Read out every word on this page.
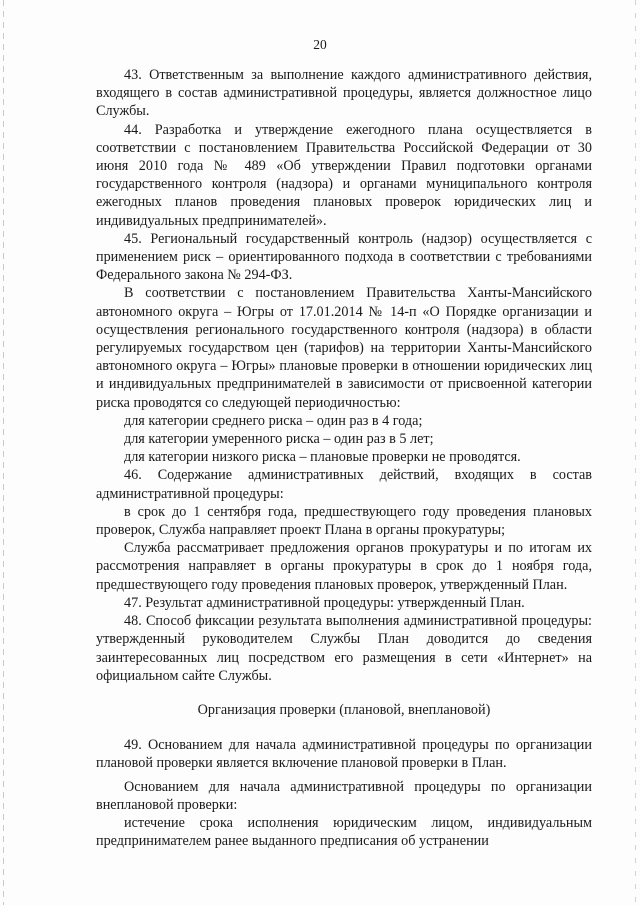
20

43. Ответственным за выполнение каждого административного действия, входящего в состав административной процедуры, является должностное лицо Службы.

44. Разработка и утверждение ежегодного плана осуществляется в соответствии с постановлением Правительства Российской Федерации от 30 июня 2010 года № 489 «Об утверждении Правил подготовки органами государственного контроля (надзора) и органами муниципального контроля ежегодных планов проведения плановых проверок юридических лиц и индивидуальных предпринимателей».

45. Региональный государственный контроль (надзор) осуществляется с применением риск – ориентированного подхода в соответствии с требованиями Федерального закона № 294-ФЗ.

В соответствии с постановлением Правительства Ханты-Мансийского автономного округа – Югры от 17.01.2014 № 14-п «О Порядке организации и осуществления регионального государственного контроля (надзора) в области регулируемых государством цен (тарифов) на территории Ханты-Мансийского автономного округа – Югры» плановые проверки в отношении юридических лиц и индивидуальных предпринимателей в зависимости от присвоенной категории риска проводятся со следующей периодичностью:

для категории среднего риска – один раз в 4 года;

для категории умеренного риска – один раз в 5 лет;

для категории низкого риска – плановые проверки не проводятся.

46. Содержание административных действий, входящих в состав административной процедуры:

в срок до 1 сентября года, предшествующего году проведения плановых проверок, Служба направляет проект Плана в органы прокуратуры;

Служба рассматривает предложения органов прокуратуры и по итогам их рассмотрения направляет в органы прокуратуры в срок до 1 ноября года, предшествующего году проведения плановых проверок, утвержденный План.

47. Результат административной процедуры: утвержденный План.

48. Способ фиксации результата выполнения административной процедуры: утвержденный руководителем Службы План доводится до сведения заинтересованных лиц посредством его размещения в сети «Интернет» на официальном сайте Службы.

Организация проверки (плановой, внеплановой)

49. Основанием для начала административной процедуры по организации плановой проверки является включение плановой проверки в План.

Основанием для начала административной процедуры по организации внеплановой проверки:

истечение срока исполнения юридическим лицом, индивидуальным предпринимателем ранее выданного предписания об устранении
